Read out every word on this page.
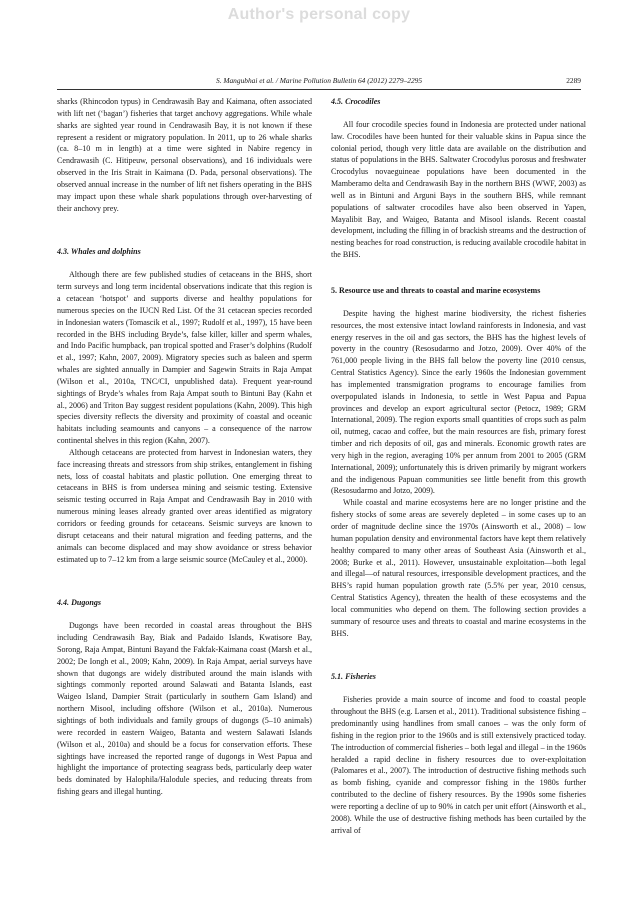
Author's personal copy
S. Mangubhai et al. / Marine Pollution Bulletin 64 (2012) 2279–2295	2289

sharks (Rhincodon typus) in Cendrawasih Bay and Kaimana, often associated with lift net (‘bagan’) fisheries that target anchovy aggregations. While whale sharks are sighted year round in Cendrawasih Bay, it is not known if these represent a resident or migratory population. In 2011, up to 26 whale sharks (ca. 8–10 m in length) at a time were sighted in Nabire regency in Cendrawasih (C. Hitipeuw, personal observations), and 16 individuals were observed in the Iris Strait in Kaimana (D. Pada, personal observations). The observed annual increase in the number of lift net fishers operating in the BHS may impact upon these whale shark populations through over-harvesting of their anchovy prey.

4.3. Whales and dolphins

Although there are few published studies of cetaceans in the BHS, short term surveys and long term incidental observations indicate that this region is a cetacean ‘hotspot’ and supports diverse and healthy populations for numerous species on the IUCN Red List. Of the 31 cetacean species recorded in Indonesian waters (Tomascik et al., 1997; Rudolf et al., 1997), 15 have been recorded in the BHS including Bryde’s, false killer, killer and sperm whales, and Indo Pacific humpback, pan tropical spotted and Fraser’s dolphins (Rudolf et al., 1997; Kahn, 2007, 2009). Migratory species such as baleen and sperm whales are sighted annually in Dampier and Sagewin Straits in Raja Ampat (Wilson et al., 2010a, TNC/CI, unpublished data). Frequent year-round sightings of Bryde’s whales from Raja Ampat south to Bintuni Bay (Kahn et al., 2006) and Triton Bay suggest resident populations (Kahn, 2009). This high species diversity reflects the diversity and proximity of coastal and oceanic habitats including seamounts and canyons – a consequence of the narrow continental shelves in this region (Kahn, 2007).

Although cetaceans are protected from harvest in Indonesian waters, they face increasing threats and stressors from ship strikes, entanglement in fishing nets, loss of coastal habitats and plastic pollution. One emerging threat to cetaceans in BHS is from undersea mining and seismic testing. Extensive seismic testing occurred in Raja Ampat and Cendrawasih Bay in 2010 with numerous mining leases already granted over areas identified as migratory corridors or feeding grounds for cetaceans. Seismic surveys are known to disrupt cetaceans and their natural migration and feeding patterns, and the animals can become displaced and may show avoidance or stress behavior estimated up to 7–12 km from a large seismic source (McCauley et al., 2000).

4.4. Dugongs

Dugongs have been recorded in coastal areas throughout the BHS including Cendrawasih Bay, Biak and Padaido Islands, Kwatisore Bay, Sorong, Raja Ampat, Bintuni Bayand the Fakfak-Kaimana coast (Marsh et al., 2002; De Iongh et al., 2009; Kahn, 2009). In Raja Ampat, aerial surveys have shown that dugongs are widely distributed around the main islands with sightings commonly reported around Salawati and Batanta Islands, east Waigeo Island, Dampier Strait (particularly in southern Gam Island) and northern Misool, including offshore (Wilson et al., 2010a). Numerous sightings of both individuals and family groups of dugongs (5–10 animals) were recorded in eastern Waigeo, Batanta and western Salawati Islands (Wilson et al., 2010a) and should be a focus for conservation efforts. These sightings have increased the reported range of dugongs in West Papua and highlight the importance of protecting seagrass beds, particularly deep water beds dominated by Halophila/Halodule species, and reducing threats from fishing gears and illegal hunting.

4.5. Crocodiles

All four crocodile species found in Indonesia are protected under national law. Crocodiles have been hunted for their valuable skins in Papua since the colonial period, though very little data are available on the distribution and status of populations in the BHS. Saltwater Crocodylus porosus and freshwater Crocodylus novaeguineae populations have been documented in the Mamberamo delta and Cendrawasih Bay in the northern BHS (WWF, 2003) as well as in Bintuni and Arguni Bays in the southern BHS, while remnant populations of saltwater crocodiles have also been observed in Yapen, Mayalibit Bay, and Waigeo, Batanta and Misool islands. Recent coastal development, including the filling in of brackish streams and the destruction of nesting beaches for road construction, is reducing available crocodile habitat in the BHS.

5. Resource use and threats to coastal and marine ecosystems

Despite having the highest marine biodiversity, the richest fisheries resources, the most extensive intact lowland rainforests in Indonesia, and vast energy reserves in the oil and gas sectors, the BHS has the highest levels of poverty in the country (Resosudarmo and Jotzo, 2009). Over 40% of the 761,000 people living in the BHS fall below the poverty line (2010 census, Central Statistics Agency). Since the early 1960s the Indonesian government has implemented transmigration programs to encourage families from overpopulated islands in Indonesia, to settle in West Papua and Papua provinces and develop an export agricultural sector (Petocz, 1989; GRM International, 2009). The region exports small quantities of crops such as palm oil, nutmeg, cacao and coffee, but the main resources are fish, primary forest timber and rich deposits of oil, gas and minerals. Economic growth rates are very high in the region, averaging 10% per annum from 2001 to 2005 (GRM International, 2009); unfortunately this is driven primarily by migrant workers and the indigenous Papuan communities see little benefit from this growth (Resosudarmo and Jotzo, 2009).

While coastal and marine ecosystems here are no longer pristine and the fishery stocks of some areas are severely depleted – in some cases up to an order of magnitude decline since the 1970s (Ainsworth et al., 2008) – low human population density and environmental factors have kept them relatively healthy compared to many other areas of Southeast Asia (Ainsworth et al., 2008; Burke et al., 2011). However, unsustainable exploitation—both legal and illegal—of natural resources, irresponsible development practices, and the BHS’s rapid human population growth rate (5.5% per year, 2010 census, Central Statistics Agency), threaten the health of these ecosystems and the local communities who depend on them. The following section provides a summary of resource uses and threats to coastal and marine ecosystems in the BHS.

5.1. Fisheries

Fisheries provide a main source of income and food to coastal people throughout the BHS (e.g. Larsen et al., 2011). Traditional subsistence fishing – predominantly using handlines from small canoes – was the only form of fishing in the region prior to the 1960s and is still extensively practiced today. The introduction of commercial fisheries – both legal and illegal – in the 1960s heralded a rapid decline in fishery resources due to over-exploitation (Palomares et al., 2007). The introduction of destructive fishing methods such as bomb fishing, cyanide and compressor fishing in the 1980s further contributed to the decline of fishery resources. By the 1990s some fisheries were reporting a decline of up to 90% in catch per unit effort (Ainsworth et al., 2008). While the use of destructive fishing methods has been curtailed by the arrival of
